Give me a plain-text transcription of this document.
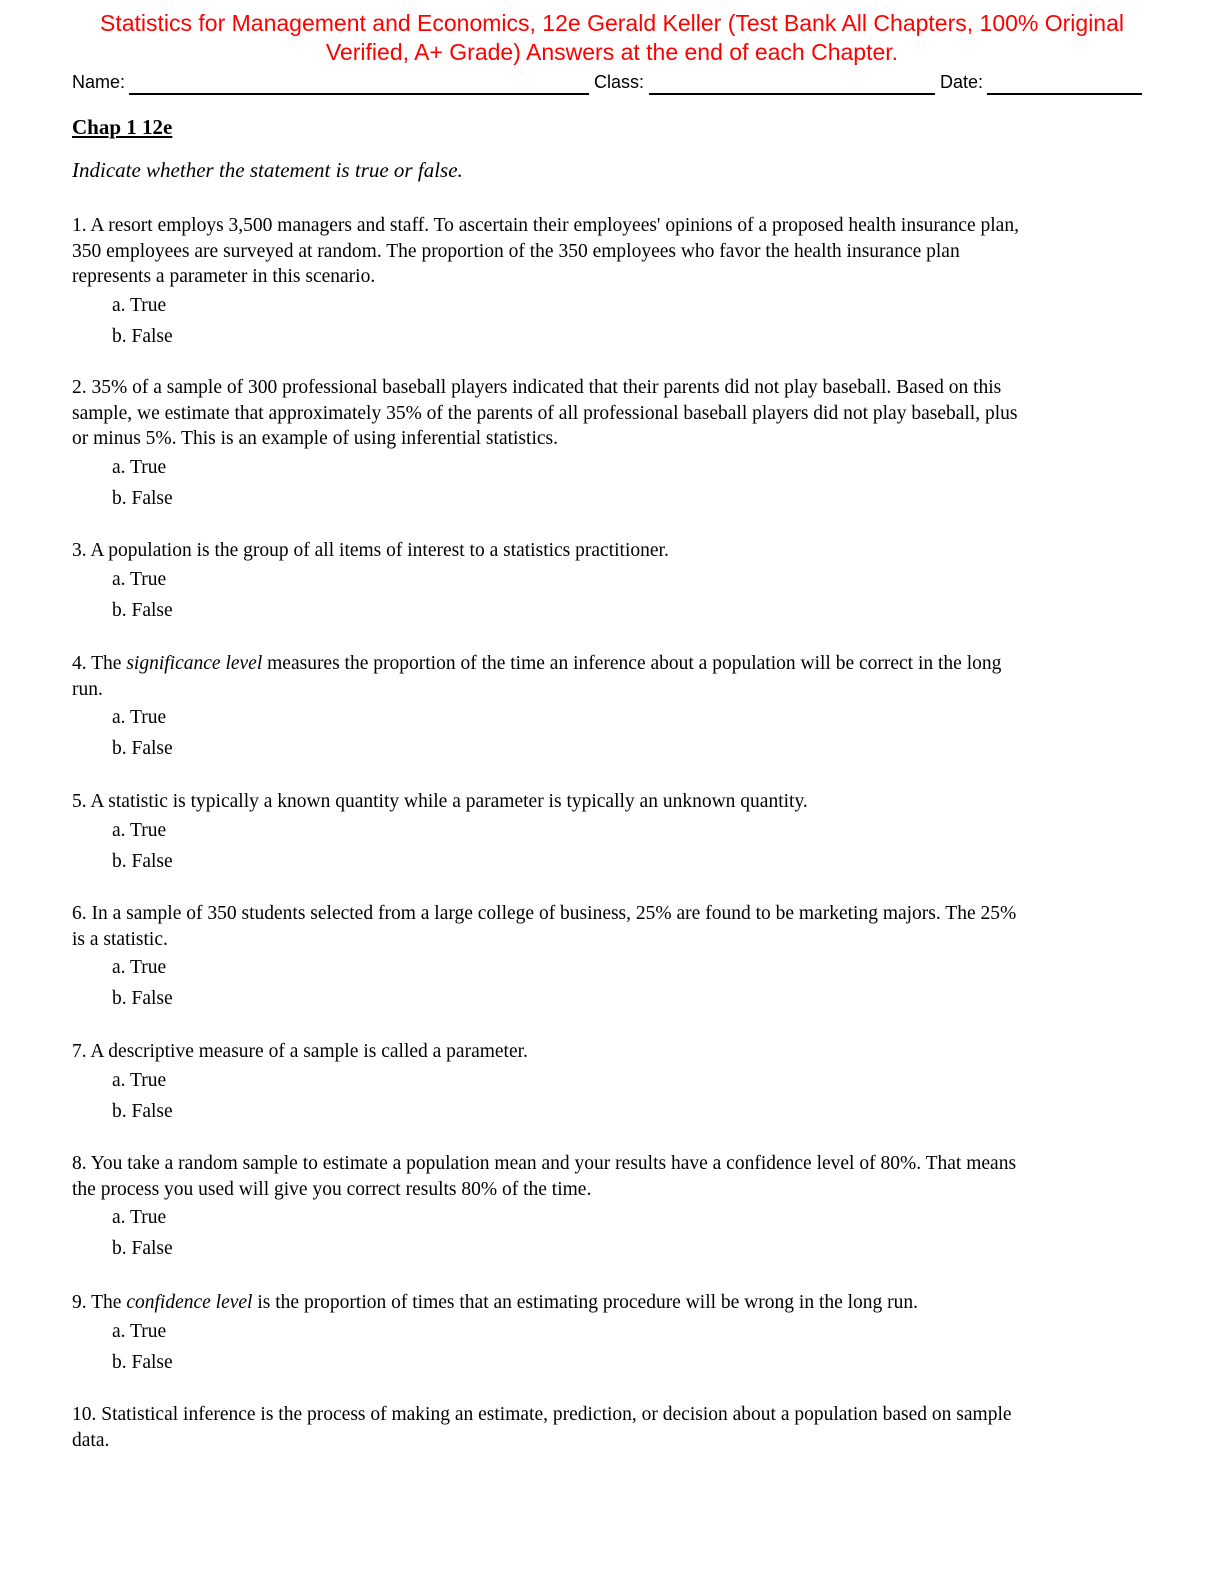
Statistics for Management and Economics, 12e Gerald Keller (Test Bank All Chapters, 100% Original
Verified, A+ Grade) Answers at the end of each Chapter.
Name:	Class:	Date:
Chap 1 12e
Indicate whether the statement is true or false.
1. A resort employs 3,500 managers and staff. To ascertain their employees' opinions of a proposed health insurance plan,
350 employees are surveyed at random. The proportion of the 350 employees who favor the health insurance plan
represents a parameter in this scenario.
a. True
b. False
2. 35% of a sample of 300 professional baseball players indicated that their parents did not play baseball. Based on this
sample, we estimate that approximately 35% of the parents of all professional baseball players did not play baseball, plus
or minus 5%. This is an example of using inferential statistics.
a. True
b. False
3. A population is the group of all items of interest to a statistics practitioner.
a. True
b. False
4. The significance level measures the proportion of the time an inference about a population will be correct in the long
run.
a. True
b. False
5. A statistic is typically a known quantity while a parameter is typically an unknown quantity.
a. True
b. False
6. In a sample of 350 students selected from a large college of business, 25% are found to be marketing majors. The 25%
is a statistic.
a. True
b. False
7. A descriptive measure of a sample is called a parameter.
a. True
b. False
8. You take a random sample to estimate a population mean and your results have a confidence level of 80%. That means
the process you used will give you correct results 80% of the time.
a. True
b. False
9. The confidence level is the proportion of times that an estimating procedure will be wrong in the long run.
a. True
b. False
10. Statistical inference is the process of making an estimate, prediction, or decision about a population based on sample
data.
